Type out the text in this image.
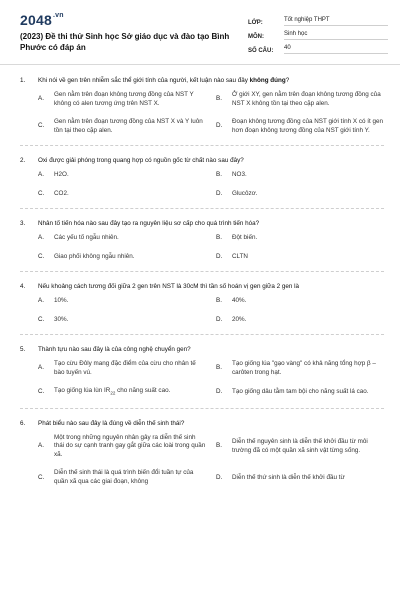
$2048^{.vn}$
(2023) Đề thi thử Sinh học Sở giáo dục và đào tạo Bình Phước có đáp án
LỚP:	Tốt nghiệp THPT
MÔN:	Sinh học
SỐ CÂU:	40
1.	Khi nói về gen trên nhiễm sắc thể giới tính của người, kết luận nào sau đây không đúng?
A.
Gen nằm trên đoạn không tương đồng của NST Y không có alen tương ứng trên NST X.
B.
Ở giới XY, gen nằm trên đoạn không tương đồng của NST X không tồn tại theo cặp alen.
C.
Gen nằm trên đoạn tương đồng của NST X và Y luôn tồn tại theo cặp alen.
D.
Đoạn không tương đồng của NST giới tính X có ít gen hơn đoạn không tương đồng của NST giới tính Y.
2.	Oxi được giải phóng trong quang hợp có nguồn gốc từ chất nào sau đây?
A.	H2O.	B.	NO3.
C.	CO2.	D.	Glucôzơ.
3.	Nhân tố tiến hóa nào sau đây tạo ra nguyên liệu sơ cấp cho quá trình tiến hóa?
A.	Các yếu tố ngẫu nhiên.	B.	Đột biến.
C.	Giao phối không ngẫu nhiên.	D.	CLTN
4.	Nếu khoảng cách tương đối giữa 2 gen trên NST là 30cM thì tần số hoán vị gen giữa 2 gen là
A.	10%.	B.	40%.
C.	30%.	D.	20%.
5.	Thành tựu nào sau đây là của công nghệ chuyển gen?
A.
Tạo cừu Đôly mang đặc điểm của cừu cho nhân tế bào tuyến vú.
B.
Tạo giống lúa "gạo vàng" có khả năng tổng hợp β – carôten trong hạt.
C.	Tạo giống lúa lùn $IR_{22}$ cho năng suất cao.	D.	Tạo giống dâu tằm tam bội cho năng suất lá cao.
6.	Phát biểu nào sau đây là đúng về diễn thế sinh thái?
A.
Một trong những nguyên nhân gây ra diễn thế sinh thái do sự cạnh tranh gay gắt giữa các loài trong quần xã.
B.
Diễn thế nguyên sinh là diễn thế khởi đầu từ môi trường đã có một quần xã sinh vật từng sống.
C.
Diễn thế sinh thái là quá trình biến đổi tuần tự của quần xã qua các giai đoạn, không
D.	Diễn thế thứ sinh là diễn thế khởi đầu từ
